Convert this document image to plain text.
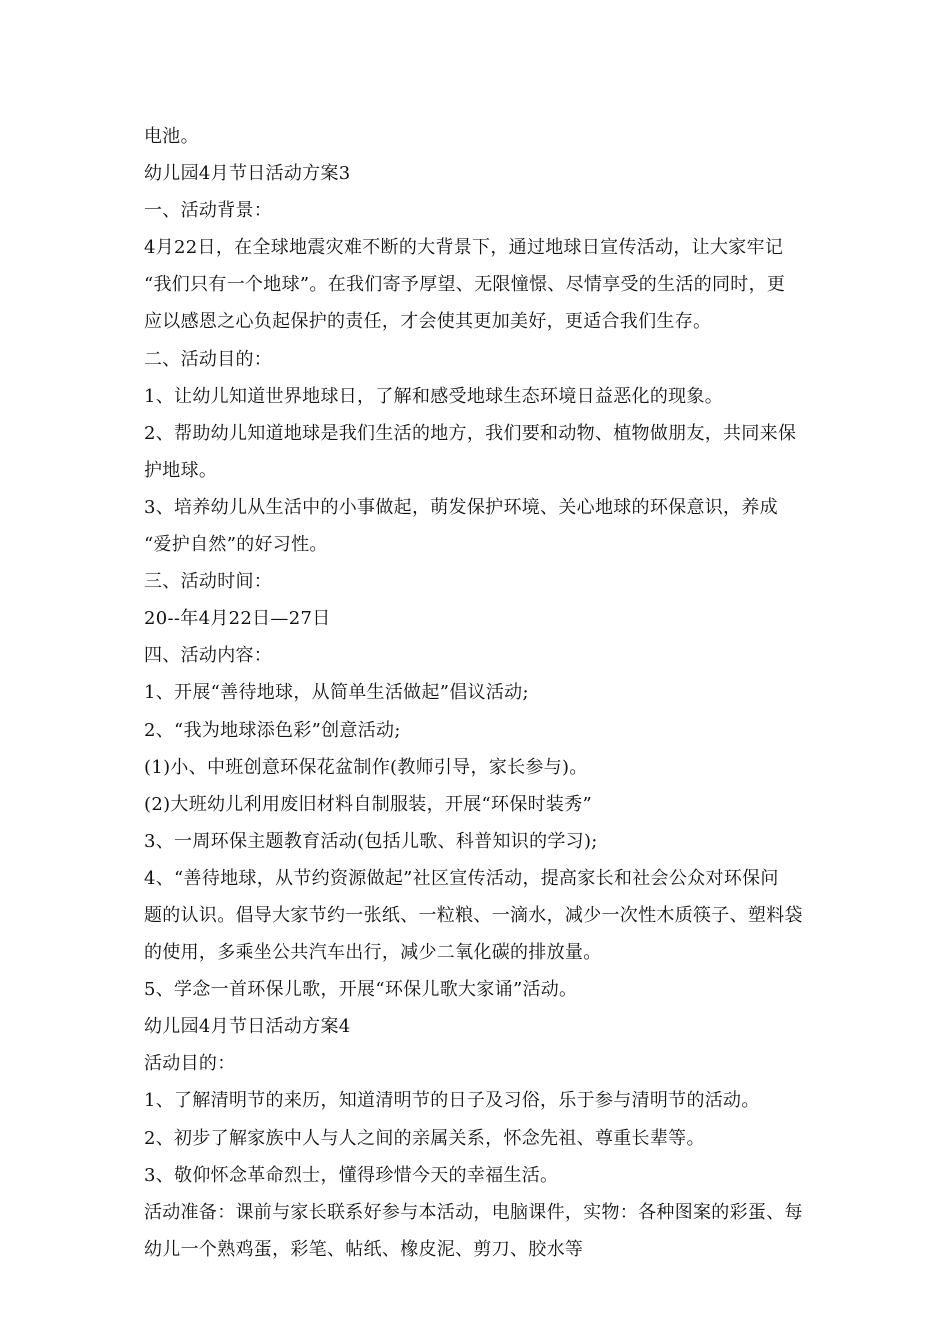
电池。
幼儿园4月节日活动方案3
一、活动背景：
4月22日，在全球地震灾难不断的大背景下，通过地球日宣传活动，让大家牢记
“我们只有一个地球”。在我们寄予厚望、无限憧憬、尽情享受的生活的同时，更
应以感恩之心负起保护的责任，才会使其更加美好，更适合我们生存。
二、活动目的：
1、让幼儿知道世界地球日，了解和感受地球生态环境日益恶化的现象。
2、帮助幼儿知道地球是我们生活的地方，我们要和动物、植物做朋友，共同来保
护地球。
3、培养幼儿从生活中的小事做起，萌发保护环境、关心地球的环保意识，养成
“爱护自然”的好习性。
三、活动时间：
20--年4月22日—27日
四、活动内容：
1、开展“善待地球，从简单生活做起”倡议活动;
2、“我为地球添色彩”创意活动;
(1)小、中班创意环保花盆制作(教师引导，家长参与)。
(2)大班幼儿利用废旧材料自制服装，开展“环保时装秀”
3、一周环保主题教育活动(包括儿歌、科普知识的学习);
4、“善待地球，从节约资源做起”社区宣传活动，提高家长和社会公众对环保问
题的认识。倡导大家节约一张纸、一粒粮、一滴水，减少一次性木质筷子、塑料袋
的使用，多乘坐公共汽车出行，减少二氧化碳的排放量。
5、学念一首环保儿歌，开展“环保儿歌大家诵”活动。
幼儿园4月节日活动方案4
活动目的：
1、了解清明节的来历，知道清明节的日子及习俗，乐于参与清明节的活动。
2、初步了解家族中人与人之间的亲属关系，怀念先祖、尊重长辈等。
3、敬仰怀念革命烈士，懂得珍惜今天的幸福生活。
活动准备：课前与家长联系好参与本活动，电脑课件，实物：各种图案的彩蛋、每
幼儿一个熟鸡蛋，彩笔、帖纸、橡皮泥、剪刀、胶水等
